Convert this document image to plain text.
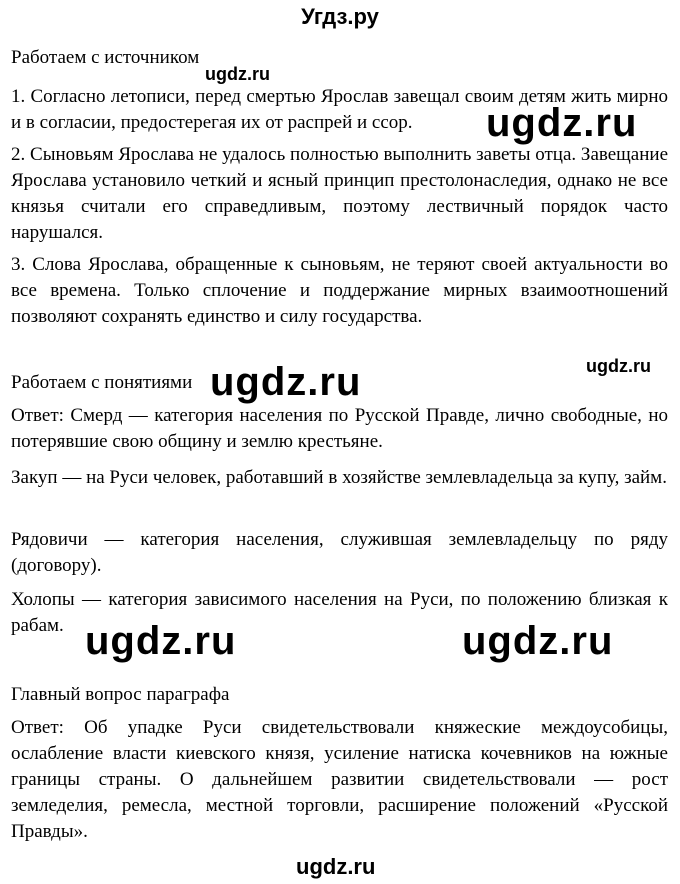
Угдз.ру
Работаем с источником
1. Согласно летописи, перед смертью Ярослав завещал своим детям жить мирно и в согласии, предостерегая их от распрей и ссор.
2. Сыновьям Ярослава не удалось полностью выполнить заветы отца. Завещание Ярослава установило четкий и ясный принцип престолонаследия, однако не все князья считали его справедливым, поэтому лествичный порядок часто нарушался.
3. Слова Ярослава, обращенные к сыновьям, не теряют своей актуальности во все времена. Только сплочение и поддержание мирных взаимоотношений позволяют сохранять единство и силу государства.
Работаем с понятиями
Ответ: Смерд — категория населения по Русской Правде, лично свободные, но потерявшие свою общину и землю крестьяне.
Закуп — на Руси человек, работавший в хозяйстве землевладельца за купу, займ.
Рядовичи — категория населения, служившая землевладельцу по ряду (договору).
Холопы — категория зависимого населения на Руси, по положению близкая к рабам.
Главный вопрос параграфа
Ответ: Об упадке Руси свидетельствовали княжеские междоусобицы, ослабление власти киевского князя, усиление натиска кочевников на южные границы страны. О дальнейшем развитии свидетельствовали — рост земледелия, ремесла, местной торговли, расширение положений «Русской Правды».
ugdz.ru
ugdz.ru
ugdz.ru	ugdz.ru
ugdz.ru	ugdz.ru
ugdz.ru
